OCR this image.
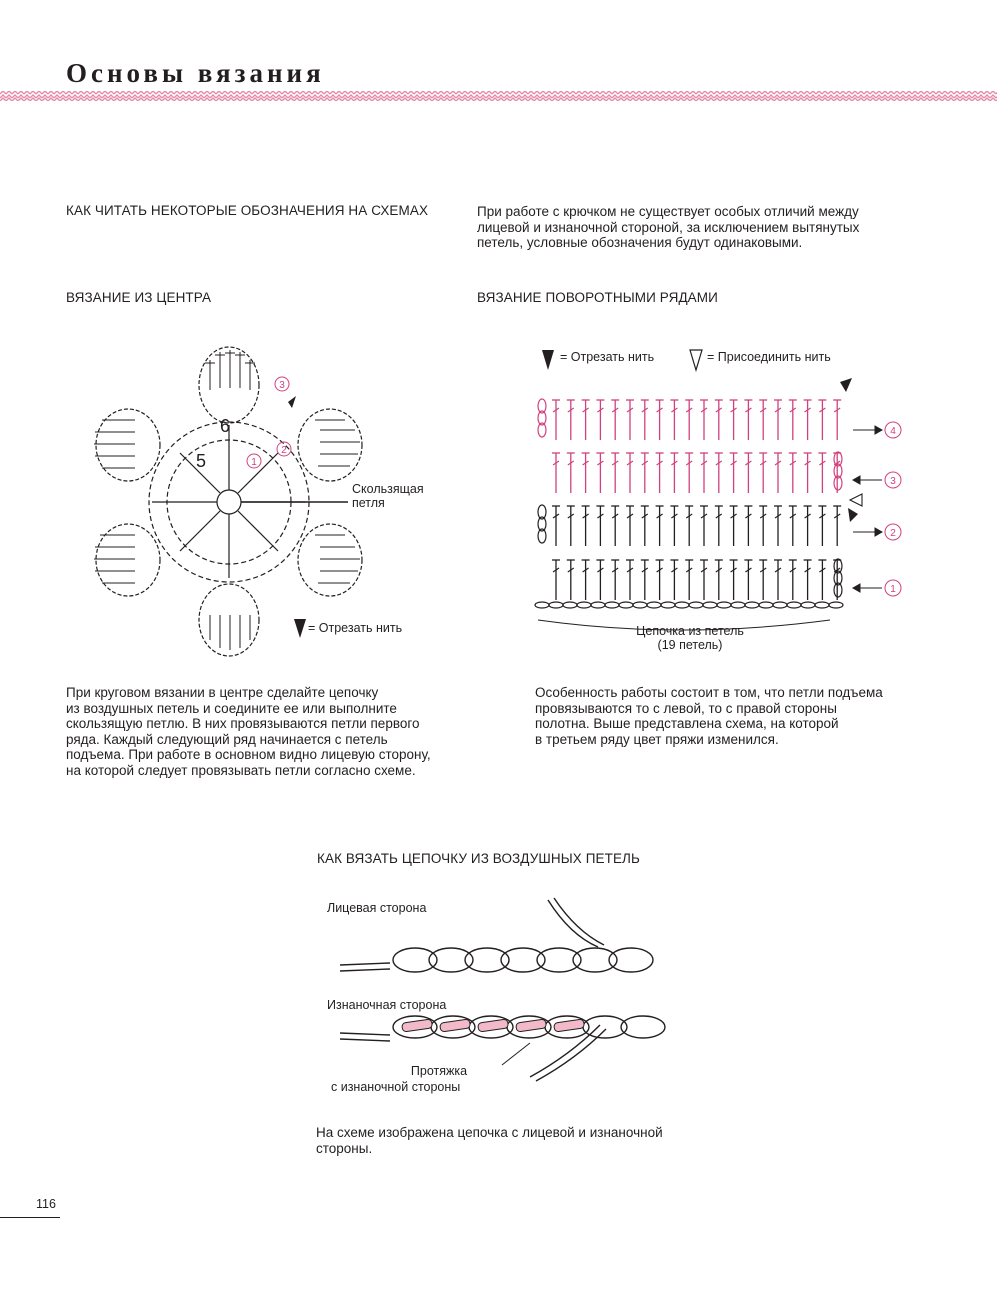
Основы вязания
КАК ЧИТАТЬ НЕКОТОРЫЕ ОБОЗНАЧЕНИЯ НА СХЕМАХ	При работе с крючком не существует особых отличий между
лицевой и изнаночной стороной, за исключением вытянутых
петель, условные обозначения будут одинаковыми.
ВЯЗАНИЕ ИЗ ЦЕНТРА	ВЯЗАНИЕ ПОВОРОТНЫМИ РЯДАМИ
6
5	1
2
3
Скользящая
петля
= Отрезать нить
4
3
2
1
= Отрезать нить	= Присоединить нить
Цепочка из петель
(19 петель)
При круговом вязании в центре сделайте цепочку
из воздушных петель и соедините ее или выполните
скользящую петлю. В них провязываются петли первого
ряда. Каждый следующий ряд начинается с петель
подъема. При работе в основном видно лицевую сторону,
на которой следует провязывать петли согласно схеме.
Особенность работы состоит в том, что петли подъема
провязываются то с левой, то с правой стороны
полотна. Выше представлена схема, на которой
в третьем ряду цвет пряжи изменился.
КАК ВЯЗАТЬ ЦЕПОЧКУ ИЗ ВОЗДУШНЫХ ПЕТЕЛЬ
Лицевая сторона
Изнаночная сторона
Протяжка
с изнаночной стороны
На схеме изображена цепочка с лицевой и изнаночной
стороны.
116
